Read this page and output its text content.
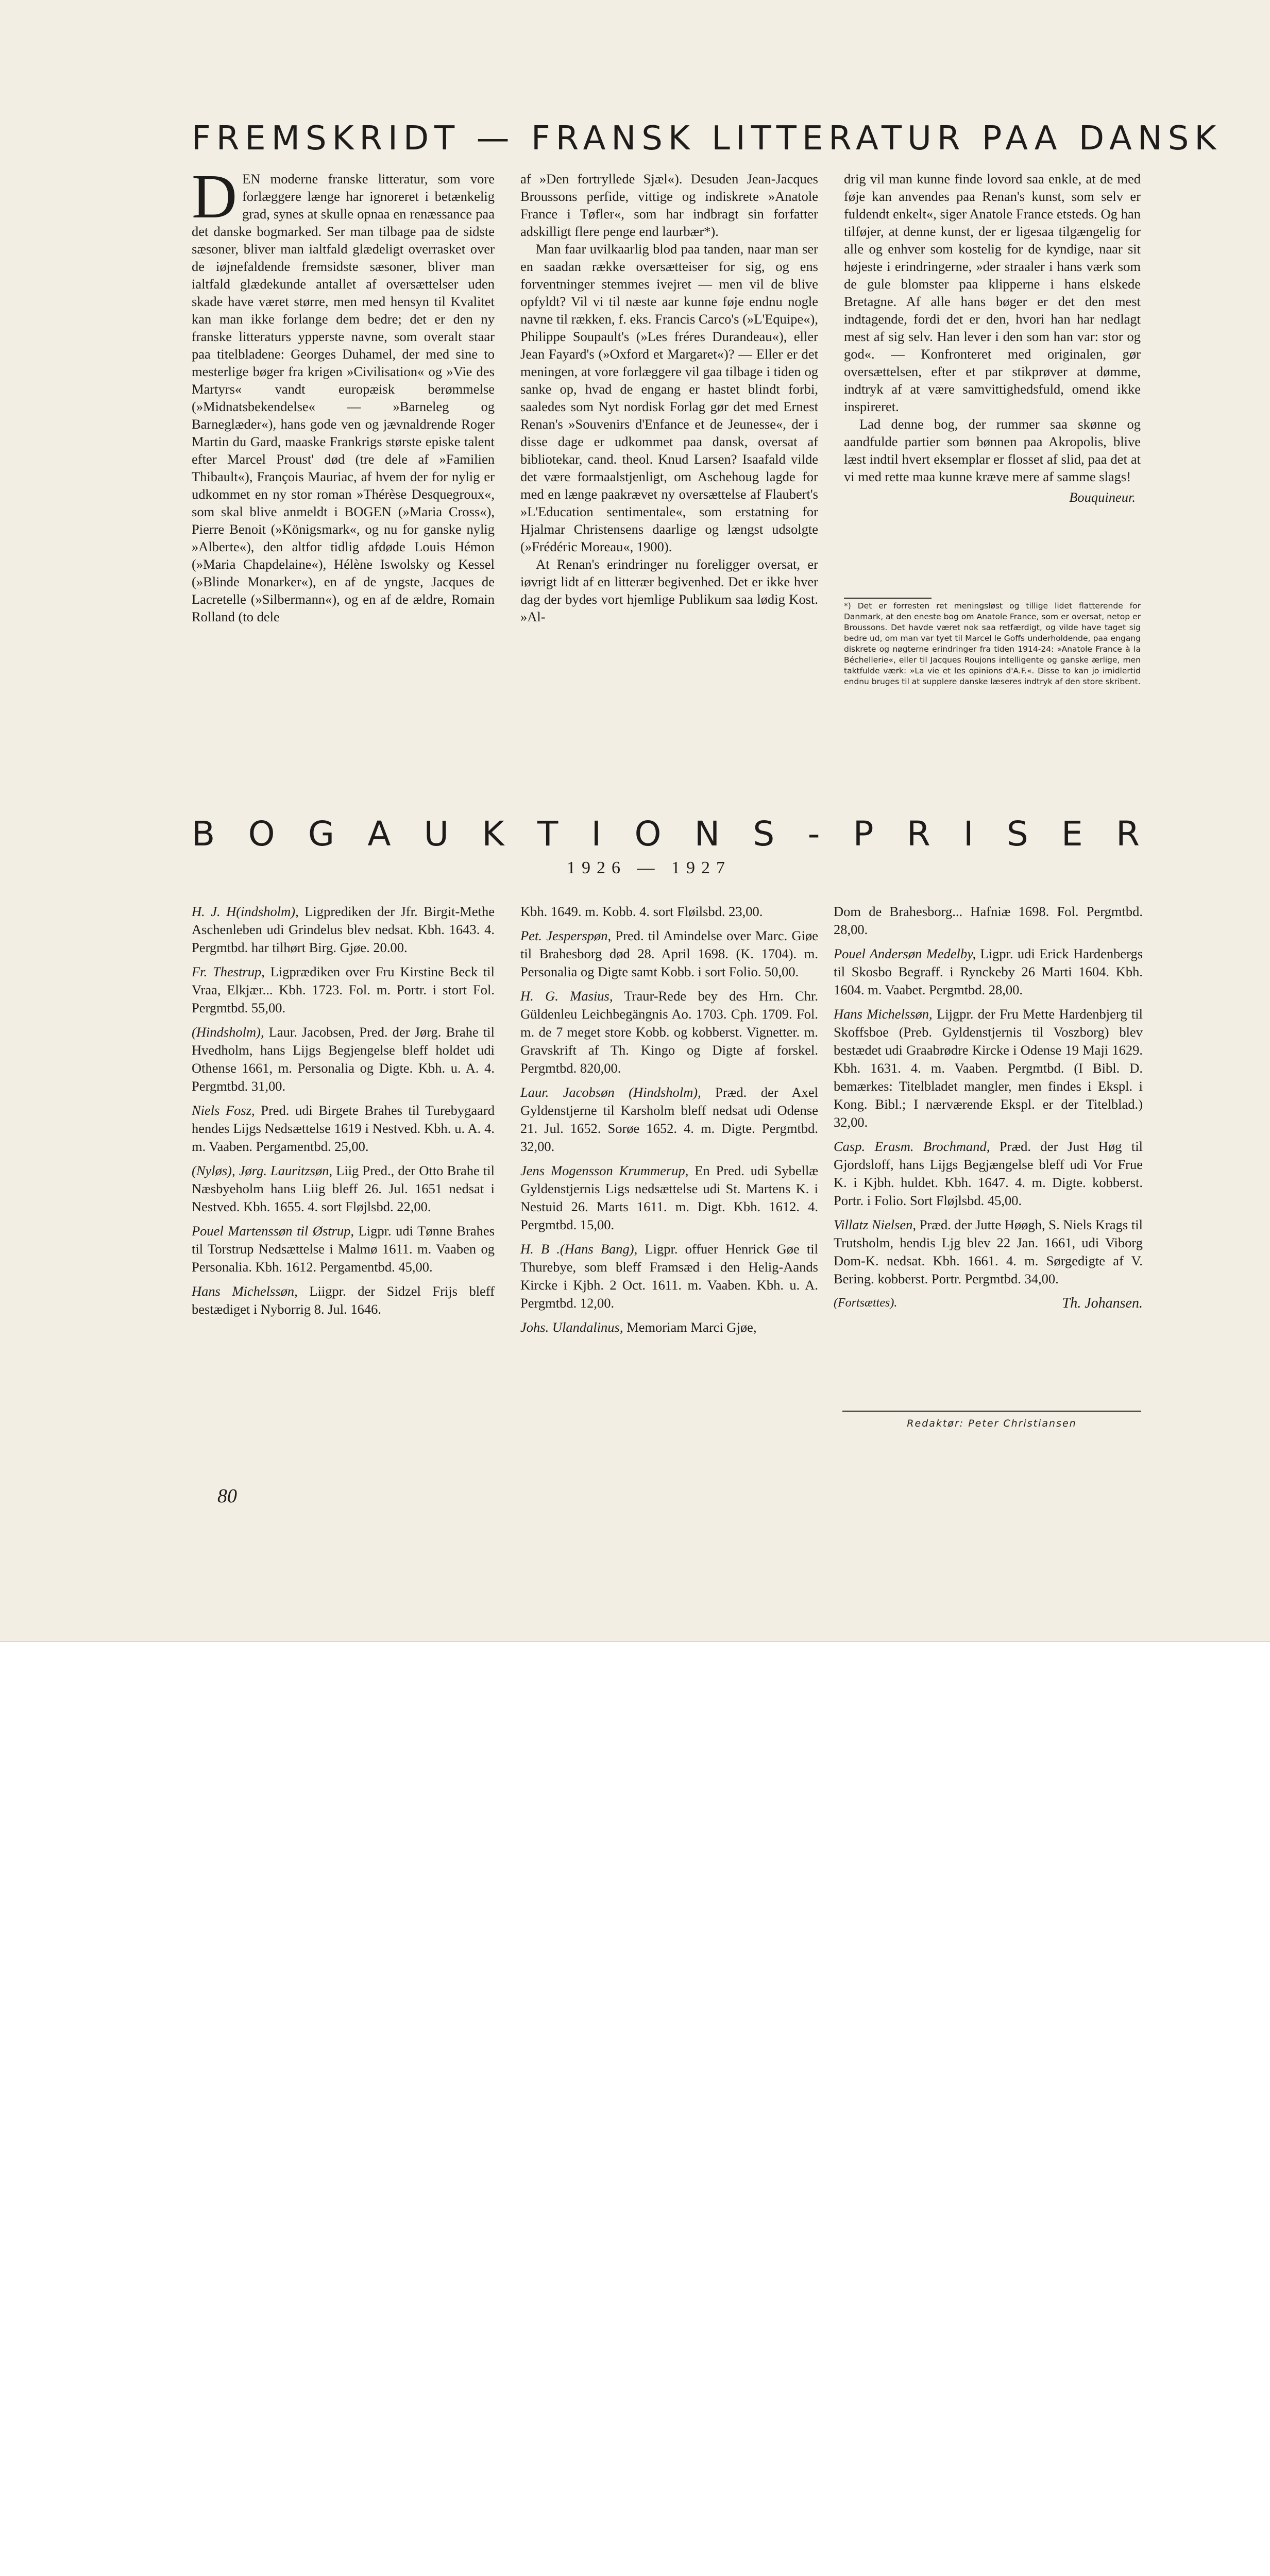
FREMSKRIDT — FRANSK LITTERATUR PAA DANSK

DEN moderne franske litteratur, som vore forlæggere længe har ignoreret i betænkelig grad, synes at skulle opnaa en renæssance paa det danske bogmarked. Ser man tilbage paa de sidste sæsoner, bliver man ialtfald glædeligt overrasket over de iøjnefaldende fremsidste sæsoner, bliver man ialtfald glædekunde antallet af oversættelser uden skade have været større, men med hensyn til Kvalitet kan man ikke forlange dem bedre; det er den ny franske litteraturs ypperste navne, som overalt staar paa titelbladene: Georges Duhamel, der med sine to mesterlige bøger fra krigen »Civilisation« og »Vie des Martyrs« vandt europæisk berømmelse (»Midnatsbekendelse« — »Barneleg og Barneglæder«), hans gode ven og jævnaldrende Roger Martin du Gard, maaske Frankrigs største episke talent efter Marcel Proust' død (tre dele af »Familien Thibault«), François Mauriac, af hvem der for nylig er udkommet en ny stor roman »Thérèse Desquegroux«, som skal blive anmeldt i BOGEN (»Maria Cross«), Pierre Benoit (»Königsmark«, og nu for ganske nylig »Alberte«), den altfor tidlig afdøde Louis Hémon (»Maria Chapdelaine«), Hélène Iswolsky og Kessel (»Blinde Monarker«), en af de yngste, Jacques de Lacretelle (»Silbermann«), og en af de ældre, Romain Rolland (to dele

af »Den fortryllede Sjæl«). Desuden Jean-Jacques Broussons perfide, vittige og indiskrete »Anatole France i Tøfler«, som har indbragt sin forfatter adskilligt flere penge end laurbær*).

Man faar uvilkaarlig blod paa tanden, naar man ser en saadan række oversætteiser for sig, og ens forventninger stemmes ivejret — men vil de blive opfyldt? Vil vi til næste aar kunne føje endnu nogle navne til rækken, f. eks. Francis Carco's (»L'Equipe«), Philippe Soupault's (»Les fréres Durandeau«), eller Jean Fayard's (»Oxford et Margaret«)? — Eller er det meningen, at vore forlæggere vil gaa tilbage i tiden og sanke op, hvad de engang er hastet blindt forbi, saaledes som Nyt nordisk Forlag gør det med Ernest Renan's »Souvenirs d'Enfance et de Jeunesse«, der i disse dage er udkommet paa dansk, oversat af bibliotekar, cand. theol. Knud Larsen? Isaafald vilde det være formaalstjenligt, om Aschehoug lagde for med en længe paakrævet ny oversættelse af Flaubert's »L'Education sentimentale«, som erstatning for Hjalmar Christensens daarlige og længst udsolgte (»Frédéric Moreau«, 1900).

At Renan's erindringer nu foreligger oversat, er iøvrigt lidt af en litterær begivenhed. Det er ikke hver dag der bydes vort hjemlige Publikum saa lødig Kost. »Al-

drig vil man kunne finde lovord saa enkle, at de med føje kan anvendes paa Renan's kunst, som selv er fuldendt enkelt«, siger Anatole France etsteds. Og han tilføjer, at denne kunst, der er ligesaa tilgængelig for alle og enhver som kostelig for de kyndige, naar sit højeste i erindringerne, »der straaler i hans værk som de gule blomster paa klipperne i hans elskede Bretagne. Af alle hans bøger er det den mest indtagende, fordi det er den, hvori han har nedlagt mest af sig selv. Han lever i den som han var: stor og god«. — Konfronteret med originalen, gør oversættelsen, efter et par stikprøver at dømme, indtryk af at være samvittighedsfuld, omend ikke inspireret.

Lad denne bog, der rummer saa skønne og aandfulde partier som bønnen paa Akropolis, blive læst indtil hvert eksemplar er flosset af slid, paa det at vi med rette maa kunne kræve mere af samme slags!

Bouquineur.
*) Det er forresten ret meningsløst og tillige lidet flatterende for Danmark, at den eneste bog om Anatole France, som er oversat, netop er Broussons. Det havde været nok saa retfærdigt, og vilde have taget sig bedre ud, om man var tyet til Marcel le Goffs underholdende, paa engang diskrete og nøgterne erindringer fra tiden 1914-24: »Anatole France à la Béchellerie«, eller til Jacques Roujons intelligente og ganske ærlige, men taktfulde værk: »La vie et les opinions d'A.F.«. Disse to kan jo imidlertid endnu bruges til at supplere danske læseres indtryk af den store skribent.
B O G A U K T I O N S - P R I S E R
1926 — 1927
H. J. H(indsholm), Ligprediken der Jfr. Birgit-Methe Aschenleben udi Grindelus blev nedsat. Kbh. 1643. 4. Pergmtbd. har tilhørt Birg. Gjøe. 20.00.
Fr. Thestrup, Ligprædiken over Fru Kirstine Beck til Vraa, Elkjær... Kbh. 1723. Fol. m. Portr. i stort Fol. Pergmtbd. 55,00.
(Hindsholm), Laur. Jacobsen, Pred. der Jørg. Brahe til Hvedholm, hans Lijgs Begjengelse bleff holdet udi Othense 1661, m. Personalia og Digte. Kbh. u. A. 4. Pergmtbd. 31,00.
Niels Fosz, Pred. udi Birgete Brahes til Turebygaard hendes Lijgs Nedsættelse 1619 i Nestved. Kbh. u. A. 4. m. Vaaben. Pergamentbd. 25,00.
(Nyløs), Jørg. Lauritzsøn, Liig Pred., der Otto Brahe til Næsbyeholm hans Liig bleff 26. Jul. 1651 nedsat i Nestved. Kbh. 1655. 4. sort Fløjlsbd. 22,00.
Pouel Martenssøn til Østrup, Ligpr. udi Tønne Brahes til Torstrup Nedsættelse i Malmø 1611. m. Vaaben og Personalia. Kbh. 1612. Pergamentbd. 45,00.
Hans Michelssøn, Liigpr. der Sidzel Frijs bleff bestædiget i Nyborrig 8. Jul. 1646.
Kbh. 1649. m. Kobb. 4. sort Fløilsbd. 23,00.
Pet. Jesperspøn, Pred. til Amindelse over Marc. Giøe til Brahesborg død 28. April 1698. (K. 1704). m. Personalia og Digte samt Kobb. i sort Folio. 50,00.
H. G. Masius, Traur-Rede bey des Hrn. Chr. Güldenleu Leichbegängnis Ao. 1703. Cph. 1709. Fol. m. de 7 meget store Kobb. og kobberst. Vignetter. m. Gravskrift af Th. Kingo og Digte af forskel. Pergmtbd. 820,00.
Laur. Jacobsøn (Hindsholm), Præd. der Axel Gyldenstjerne til Karsholm bleff nedsat udi Odense 21. Jul. 1652. Sorøe 1652. 4. m. Digte. Pergmtbd. 32,00.
Jens Mogensson Krummerup, En Pred. udi Sybellæ Gyldenstjernis Ligs nedsættelse udi St. Martens K. i Nestuid 26. Marts 1611. m. Digt. Kbh. 1612. 4. Pergmtbd. 15,00.
H. B .(Hans Bang), Ligpr. offuer Henrick Gøe til Thurebye, som bleff Framsæd i den Helig-Aands Kircke i Kjbh. 2 Oct. 1611. m. Vaaben. Kbh. u. A. Pergmtbd. 12,00.
Johs. Ulandalinus, Memoriam Marci Gjøe,
Dom de Brahesborg... Hafniæ 1698. Fol. Pergmtbd. 28,00.
Pouel Andersøn Medelby, Ligpr. udi Erick Hardenbergs til Skosbo Begraff. i Rynckeby 26 Marti 1604. Kbh. 1604. m. Vaabet. Pergmtbd. 28,00.
Hans Michelssøn, Lijgpr. der Fru Mette Hardenbjerg til Skoffsboe (Preb. Gyldenstjernis til Voszborg) blev bestædet udi Graabrødre Kircke i Odense 19 Maji 1629. Kbh. 1631. 4. m. Vaaben. Pergmtbd. (I Bibl. D. bemærkes: Titelbladet mangler, men findes i Ekspl. i Kong. Bibl.; I nærværende Ekspl. er der Titelblad.) 32,00.
Casp. Erasm. Brochmand, Præd. der Just Høg til Gjordsloff, hans Lijgs Begjængelse bleff udi Vor Frue K. i Kjbh. huldet. Kbh. 1647. 4. m. Digte. kobberst. Portr. i Folio. Sort Fløjlsbd. 45,00.
Villatz Nielsen, Præd. der Jutte Høøgh, S. Niels Krags til Trutsholm, hendis Ljg blev 22 Jan. 1661, udi Viborg Dom-K. nedsat. Kbh. 1661. 4. m. Sørgedigte af V. Bering. kobberst. Portr. Pergmtbd. 34,00.
(Fortsættes).	Th. Johansen.
Redaktør: Peter Christiansen
80
